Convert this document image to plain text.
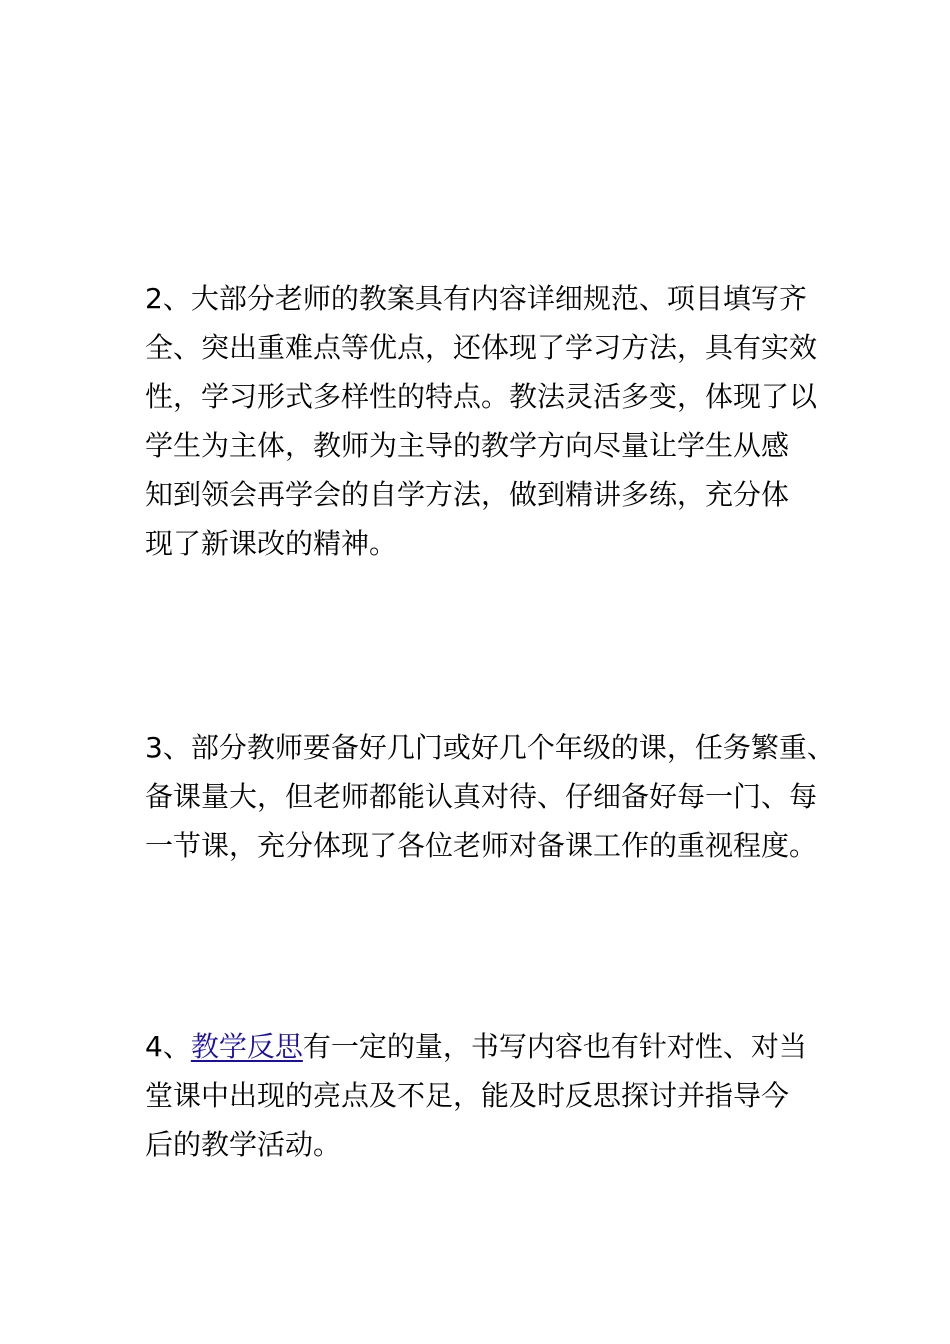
2、大部分老师的教案具有内容详细规范、项目填写齐
全、突出重难点等优点，还体现了学习方法，具有实效
性，学习形式多样性的特点。教法灵活多变，体现了以
学生为主体，教师为主导的教学方向尽量让学生从感
知到领会再学会的自学方法，做到精讲多练，充分体
现了新课改的精神。

3、部分教师要备好几门或好几个年级的课，任务繁重、
备课量大，但老师都能认真对待、仔细备好每一门、每
一节课，充分体现了各位老师对备课工作的重视程度。

4、教学反思有一定的量，书写内容也有针对性、对当
堂课中出现的亮点及不足，能及时反思探讨并指导今
后的教学活动。
